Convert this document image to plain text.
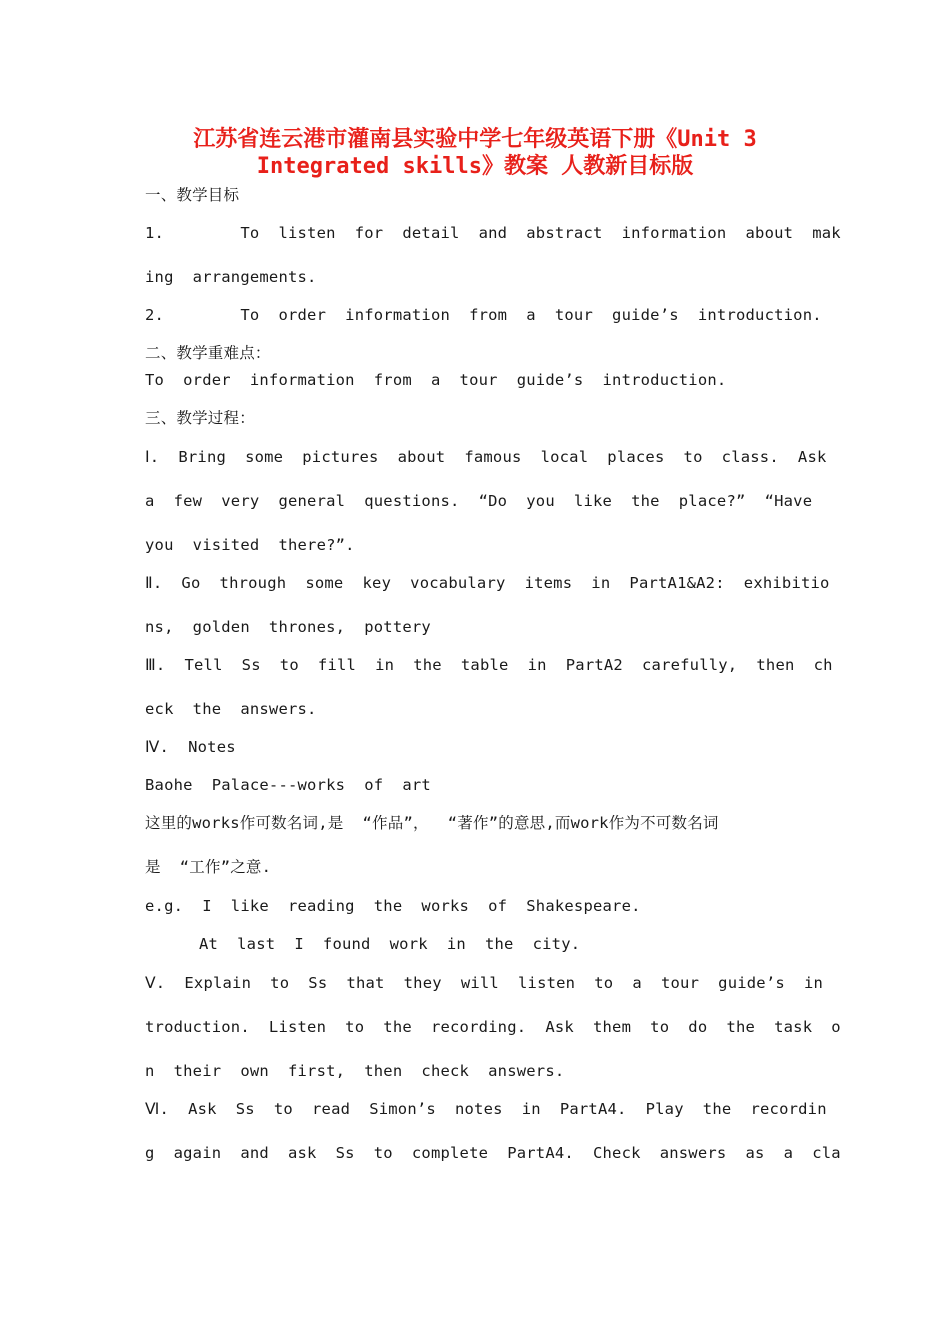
江苏省连云港市灌南县实验中学七年级英语下册《Unit 3
Integrated skills》教案 人教新目标版

一、教学目标

1.        To  listen  for  detail  and  abstract  information  about  mak

ing  arrangements.

2.        To  order  information  from  a  tour  guide’s  introduction.

二、教学重难点：

To  order  information  from  a  tour  guide’s  introduction.

三、教学过程：

Ⅰ.  Bring  some  pictures  about  famous  local  places  to  class.  Ask

a  few  very  general  questions.  “Do  you  like  the  place?”  “Have

you  visited  there?”.

Ⅱ.  Go  through  some  key  vocabulary  items  in  PartA1&A2:  exhibitio

ns,  golden  thrones,  pottery

Ⅲ.  Tell  Ss  to  fill  in  the  table  in  PartA2  carefully,  then  ch

eck  the  answers.

Ⅳ.  Notes

Baohe  Palace---works  of  art

这里的works作可数名词,是  “作品”，  “著作”的意思,而work作为不可数名词

是  “工作”之意.

e.g.  I  like  reading  the  works  of  Shakespeare.

At  last  I  found  work  in  the  city.

Ⅴ.  Explain  to  Ss  that  they  will  listen  to  a  tour  guide’s  in

troduction.  Listen  to  the  recording.  Ask  them  to  do  the  task  o

n  their  own  first,  then  check  answers.

Ⅵ.  Ask  Ss  to  read  Simon’s  notes  in  PartA4.  Play  the  recordin

g  again  and  ask  Ss  to  complete  PartA4.  Check  answers  as  a  cla
